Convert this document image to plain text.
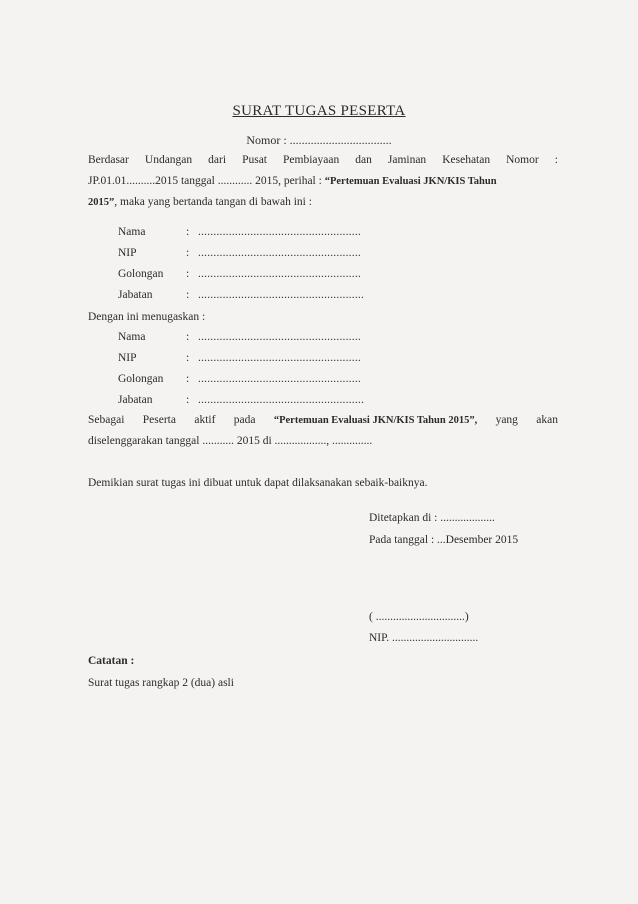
SURAT TUGAS PESERTA
Nomor : ..................................
Berdasar Undangan dari Pusat Pembiayaan dan Jaminan Kesehatan Nomor :
JP.01.01..........2015 tanggal ............ 2015, perihal : “Pertemuan Evaluasi JKN/KIS Tahun
2015”, maka yang bertanda tangan di bawah ini :
Nama	: .....................................................
NIP	: .....................................................
Golongan : .....................................................
Jabatan	: ......................................................
Dengan ini menugaskan :
Nama	: .....................................................
NIP	: .....................................................
Golongan : .....................................................
Jabatan	: ......................................................
Sebagai Peserta aktif pada “Pertemuan Evaluasi JKN/KIS Tahun 2015”, yang akan
diselenggarakan tanggal ........... 2015 di .................., ..............
Demikian surat tugas ini dibuat untuk dapat dilaksanakan sebaik-baiknya.
Ditetapkan di : ...................
Pada tanggal : ...Desember 2015
( ...............................)
NIP. ..............................
Catatan :
Surat tugas rangkap 2 (dua) asli
